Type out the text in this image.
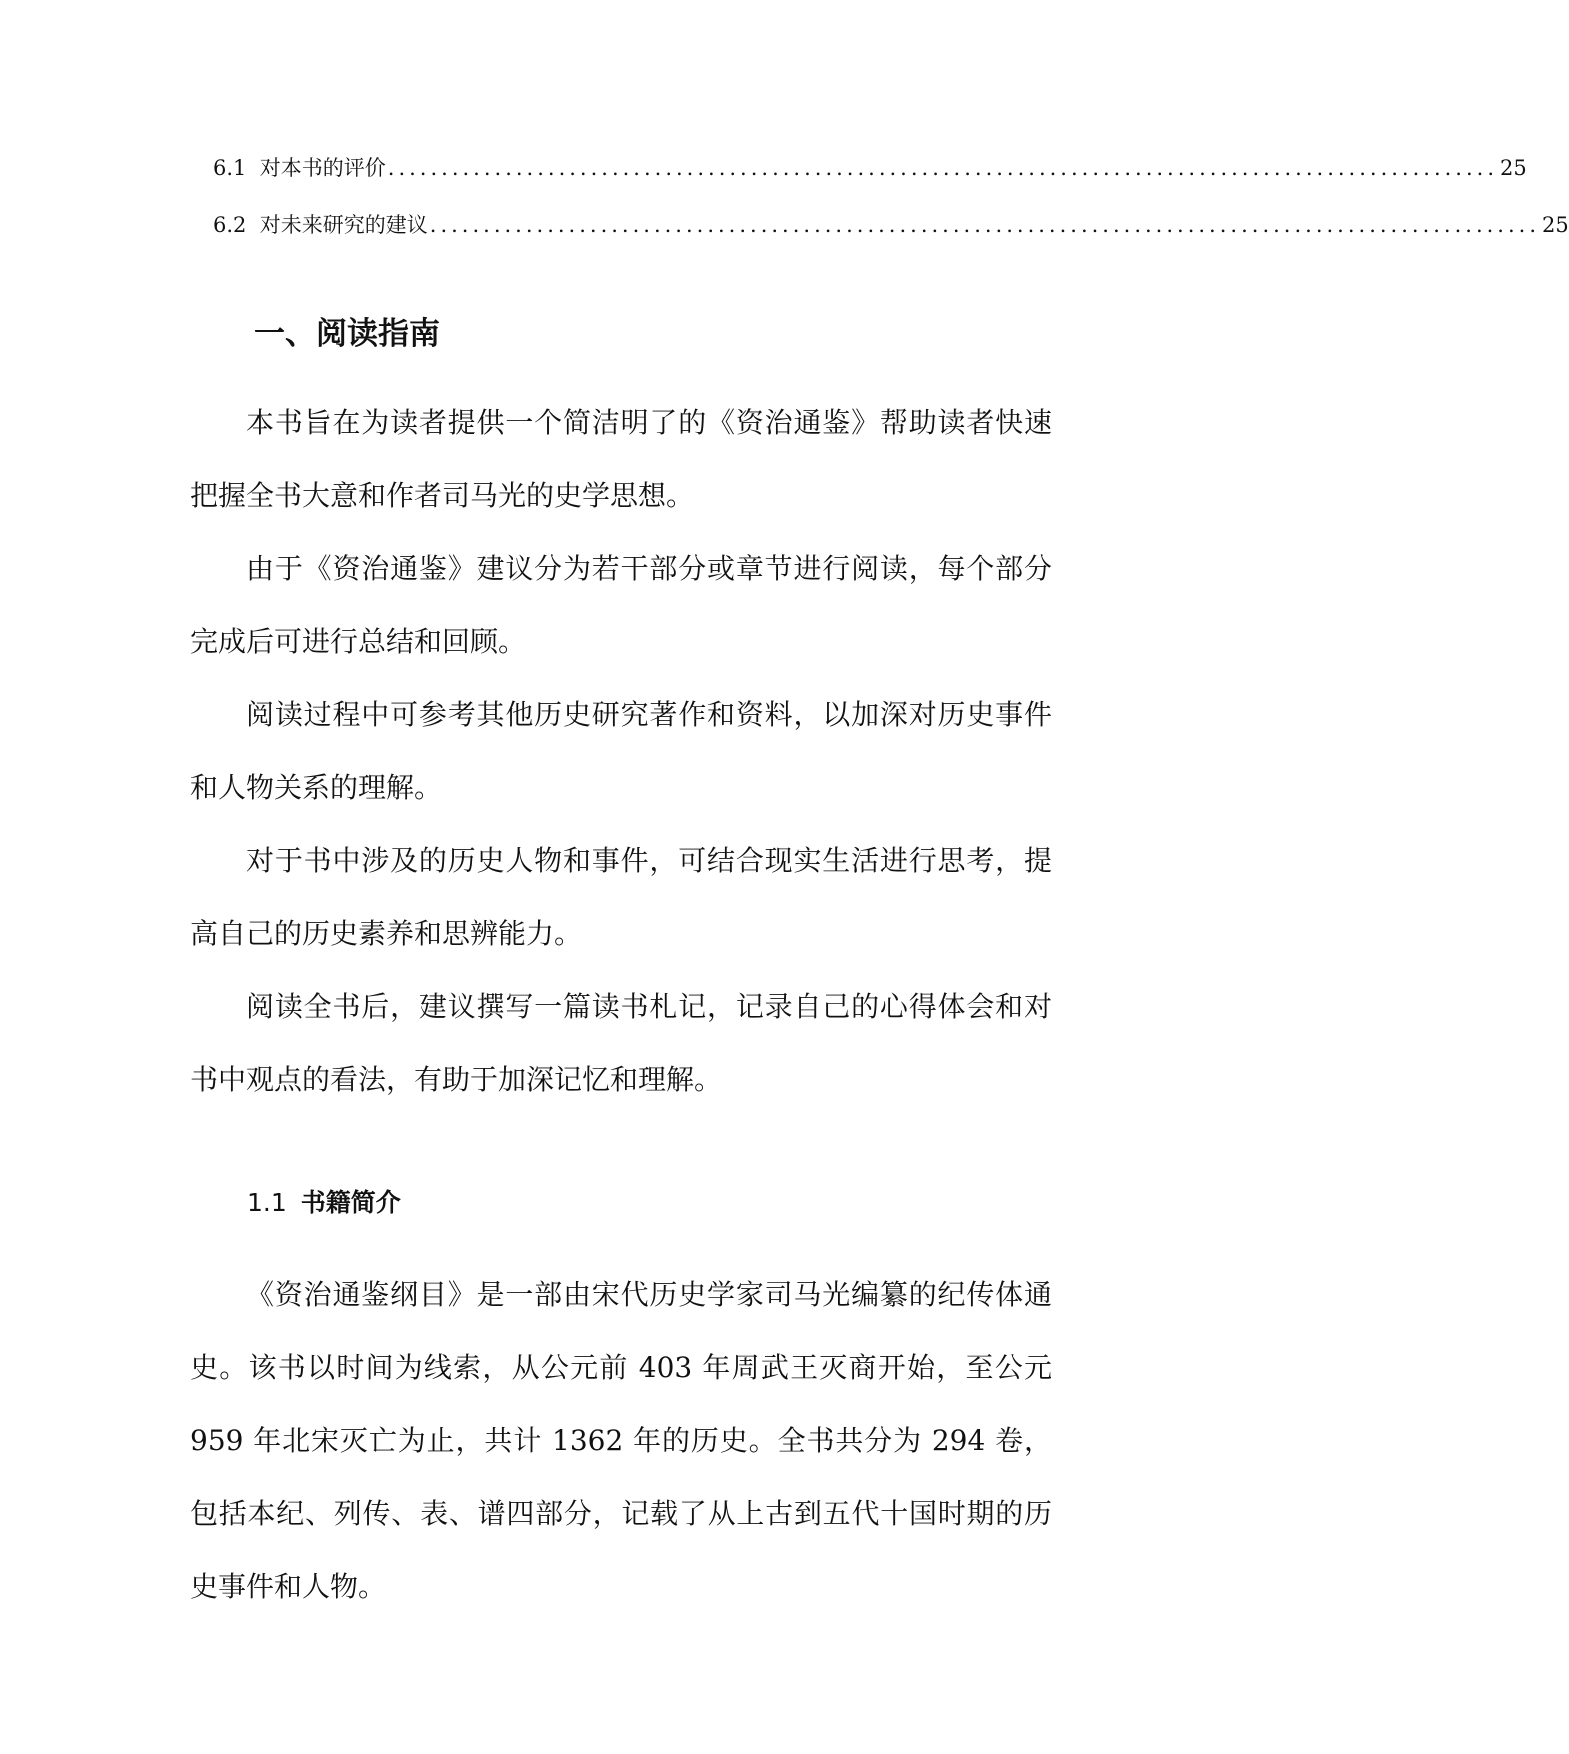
6.1
对本书的评价 ........................................................................................................ 25
6.2
对未来研究的建议 ........................................................................................................ 25
一、阅读指南

本书旨在为读者提供一个简洁明了的《资治通鉴》帮助读者快速把握全书大意和作者司马光的史学思想。

由于《资治通鉴》建议分为若干部分或章节进行阅读，每个部分完成后可进行总结和回顾。

阅读过程中可参考其他历史研究著作和资料，以加深对历史事件和人物关系的理解。

对于书中涉及的历史人物和事件，可结合现实生活进行思考，提高自己的历史素养和思辨能力。

阅读全书后，建议撰写一篇读书札记，记录自己的心得体会和对书中观点的看法，有助于加深记忆和理解。

1.1 书籍简介

《资治通鉴纲目》是一部由宋代历史学家司马光编纂的纪传体通史。该书以时间为线索，从公元前 403 年周武王灭商开始，至公元 959 年北宋灭亡为止，共计 1362 年的历史。全书共分为 294 卷，包括本纪、列传、表、谱四部分，记载了从上古到五代十国时期的历史事件和人物。
